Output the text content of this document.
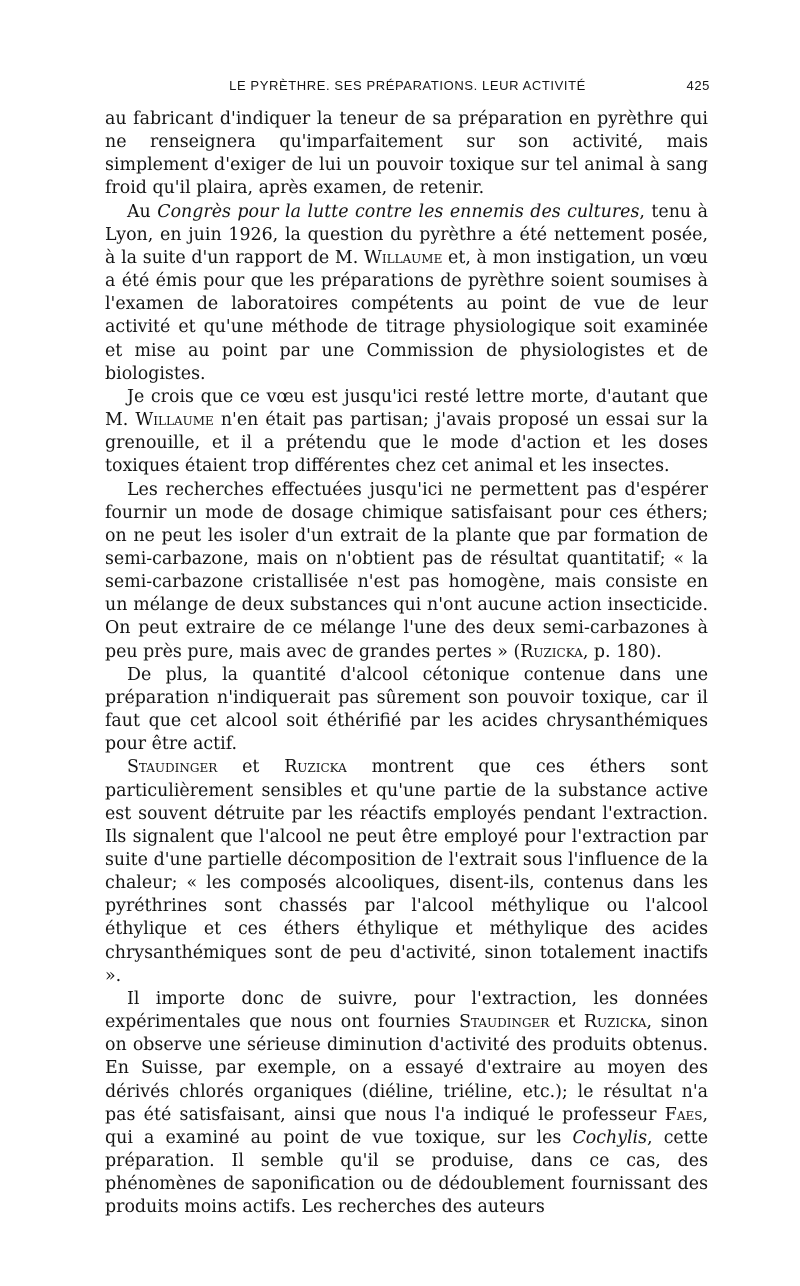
LE PYRÈTHRE. SES PRÉPARATIONS. LEUR ACTIVITÉ	425

au fabricant d'indiquer la teneur de sa préparation en pyrèthre qui ne renseignera qu'imparfaitement sur son activité, mais simplement d'exiger de lui un pouvoir toxique sur tel animal à sang froid qu'il plaira, après examen, de retenir.

Au Congrès pour la lutte contre les ennemis des cultures, tenu à Lyon, en juin 1926, la question du pyrèthre a été nettement posée, à la suite d'un rapport de M. Willaume et, à mon instigation, un vœu a été émis pour que les préparations de pyrèthre soient soumises à l'examen de laboratoires compétents au point de vue de leur activité et qu'une méthode de titrage physiologique soit examinée et mise au point par une Commission de physiologistes et de biologistes.

Je crois que ce vœu est jusqu'ici resté lettre morte, d'autant que M. Willaume n'en était pas partisan; j'avais proposé un essai sur la grenouille, et il a prétendu que le mode d'action et les doses toxiques étaient trop différentes chez cet animal et les insectes.

Les recherches effectuées jusqu'ici ne permettent pas d'espérer fournir un mode de dosage chimique satisfaisant pour ces éthers; on ne peut les isoler d'un extrait de la plante que par formation de semi-carbazone, mais on n'obtient pas de résultat quantitatif; « la semi-carbazone cristallisée n'est pas homogène, mais consiste en un mélange de deux substances qui n'ont aucune action insecticide. On peut extraire de ce mélange l'une des deux semi-carbazones à peu près pure, mais avec de grandes pertes » (Ruzicka, p. 180).

De plus, la quantité d'alcool cétonique contenue dans une préparation n'indiquerait pas sûrement son pouvoir toxique, car il faut que cet alcool soit éthérifié par les acides chrysanthémiques pour être actif.

Staudinger et Ruzicka montrent que ces éthers sont particulièrement sensibles et qu'une partie de la substance active est souvent détruite par les réactifs employés pendant l'extraction. Ils signalent que l'alcool ne peut être employé pour l'extraction par suite d'une partielle décomposition de l'extrait sous l'influence de la chaleur; « les composés alcooliques, disent-ils, contenus dans les pyréthrines sont chassés par l'alcool méthylique ou l'alcool éthylique et ces éthers éthylique et méthylique des acides chrysanthémiques sont de peu d'activité, sinon totalement inactifs ».

Il importe donc de suivre, pour l'extraction, les données expérimentales que nous ont fournies Staudinger et Ruzicka, sinon on observe une sérieuse diminution d'activité des produits obtenus. En Suisse, par exemple, on a essayé d'extraire au moyen des dérivés chlorés organiques (diéline, triéline, etc.); le résultat n'a pas été satisfaisant, ainsi que nous l'a indiqué le professeur Faes, qui a examiné au point de vue toxique, sur les Cochylis, cette préparation. Il semble qu'il se produise, dans ce cas, des phénomènes de saponification ou de dédoublement fournissant des produits moins actifs. Les recherches des auteurs
